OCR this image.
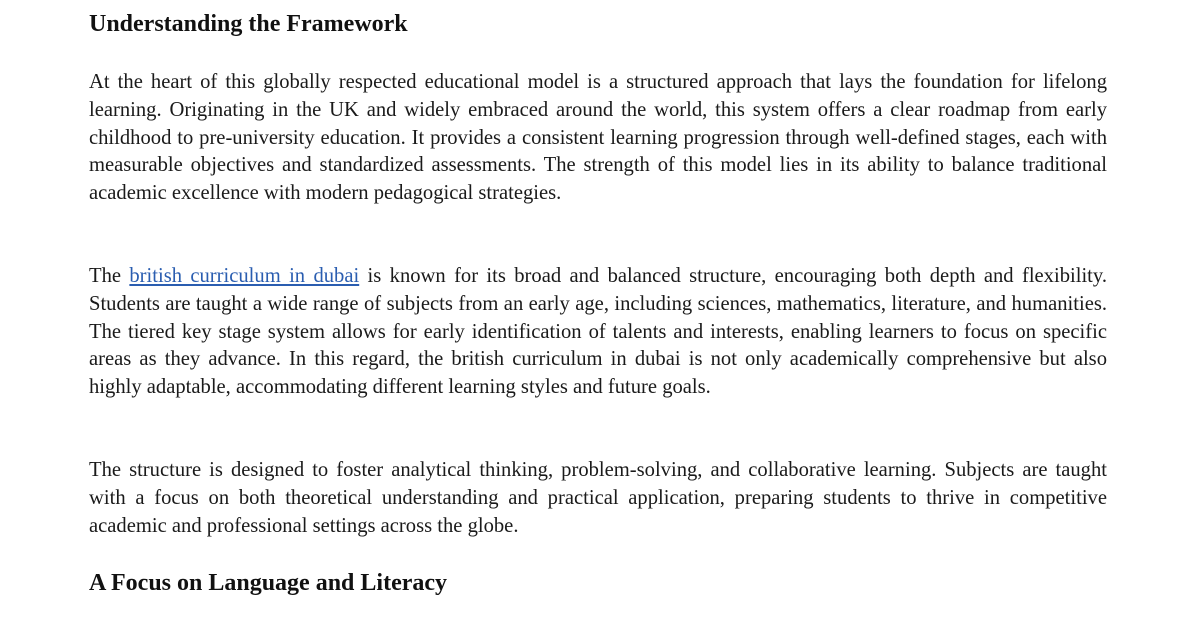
Understanding the Framework

At the heart of this globally respected educational model is a structured approach that lays the foundation for lifelong learning. Originating in the UK and widely embraced around the world, this system offers a clear roadmap from early childhood to pre-university education. It provides a consistent learning progression through well-defined stages, each with measurable objectives and standardized assessments. The strength of this model lies in its ability to balance traditional academic excellence with modern pedagogical strategies.

The british curriculum in dubai is known for its broad and balanced structure, encouraging both depth and flexibility. Students are taught a wide range of subjects from an early age, including sciences, mathematics, literature, and humanities. The tiered key stage system allows for early identification of talents and interests, enabling learners to focus on specific areas as they advance. In this regard, the british curriculum in dubai is not only academically comprehensive but also highly adaptable, accommodating different learning styles and future goals.

The structure is designed to foster analytical thinking, problem-solving, and collaborative learning. Subjects are taught with a focus on both theoretical understanding and practical application, preparing students to thrive in competitive academic and professional settings across the globe.

A Focus on Language and Literacy
